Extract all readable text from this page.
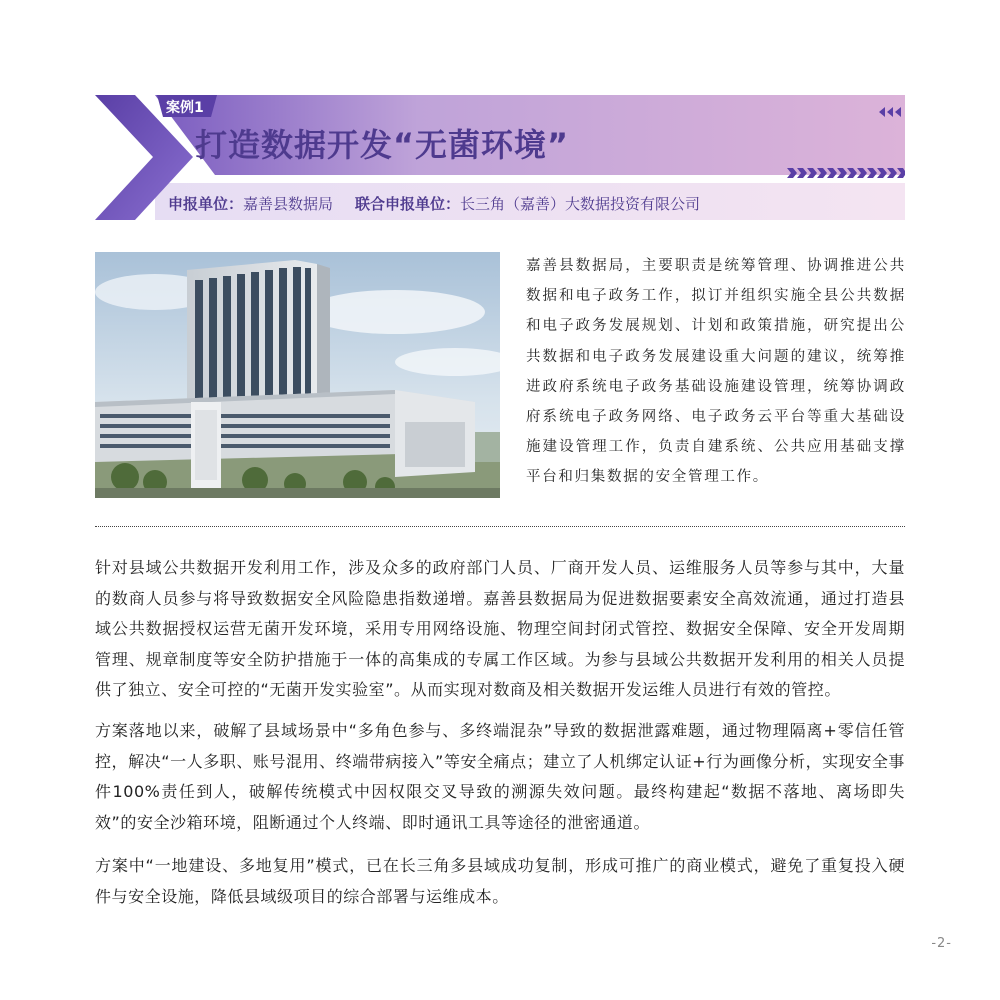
案例1
打造数据开发“无菌环境”
申报单位：嘉善县数据局 联合申报单位：长三角（嘉善）大数据投资有限公司
嘉善县数据局，主要职责是统筹管理、协调推进公共数据和电子政务工作，拟订并组织实施全县公共数据和电子政务发展规划、计划和政策措施，研究提出公共数据和电子政务发展建设重大问题的建议，统筹推进政府系统电子政务基础设施建设管理，统筹协调政府系统电子政务网络、电子政务云平台等重大基础设施建设管理工作，负责自建系统、公共应用基础支撑平台和归集数据的安全管理工作。
针对县域公共数据开发利用工作，涉及众多的政府部门人员、厂商开发人员、运维服务人员等参与其中，大量的数商人员参与将导致数据安全风险隐患指数递增。嘉善县数据局为促进数据要素安全高效流通，通过打造县域公共数据授权运营无菌开发环境，采用专用网络设施、物理空间封闭式管控、数据安全保障、安全开发周期管理、规章制度等安全防护措施于一体的高集成的专属工作区域。为参与县域公共数据开发利用的相关人员提供了独立、安全可控的“无菌开发实验室”。从而实现对数商及相关数据开发运维人员进行有效的管控。
方案落地以来，破解了县域场景中“多角色参与、多终端混杂”导致的数据泄露难题，通过物理隔离+零信任管控，解决“一人多职、账号混用、终端带病接入”等安全痛点；建立了人机绑定认证+行为画像分析，实现安全事件100%责任到人，破解传统模式中因权限交叉导致的溯源失效问题。最终构建起“数据不落地、离场即失效”的安全沙箱环境，阻断通过个人终端、即时通讯工具等途径的泄密通道。
方案中“一地建设、多地复用”模式，已在长三角多县域成功复制，形成可推广的商业模式，避免了重复投入硬件与安全设施，降低县域级项目的综合部署与运维成本。
-2-
